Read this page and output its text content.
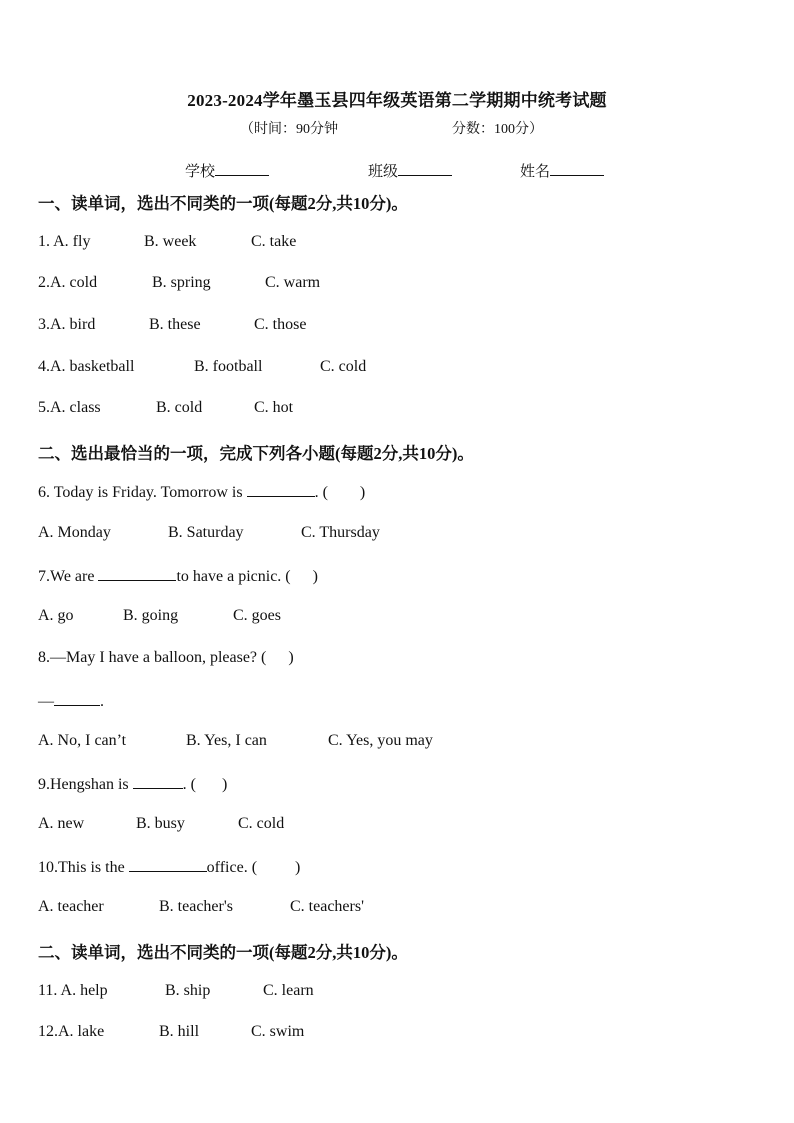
2023-2024学年墨玉县四年级英语第二学期期中统考试题
（时间：90分钟	分数：100分）
学校	班级	姓名
一、读单词，选出不同类的一项(每题2分,共10分)。
1. A. fly	B. week	C. take
2.A. cold	B. spring	C. warm
3.A. bird	B. these	C. those
4.A. basketball	B. football	C. cold
5.A. class	B. cold	C. hot
二、选出最恰当的一项，完成下列各小题(每题2分,共10分)。
6. Today is Friday. Tomorrow is	. ( )
A. Monday	B. Saturday	C. Thursday
7.We are	to have a picnic. ( )
A. go	B. going	C. goes
8.—May I have a balloon, please? ( )
—	.
A. No, I can’t	B. Yes, I can	C. Yes, you may
9.Hengshan is	. ( )
A. new	B. busy	C. cold
10.This is the	office. ( )
A. teacher	B. teacher's	C. teachers'
二、读单词，选出不同类的一项(每题2分,共10分)。
11. A. help	B. ship	C. learn
12.A. lake	B. hill	C. swim
